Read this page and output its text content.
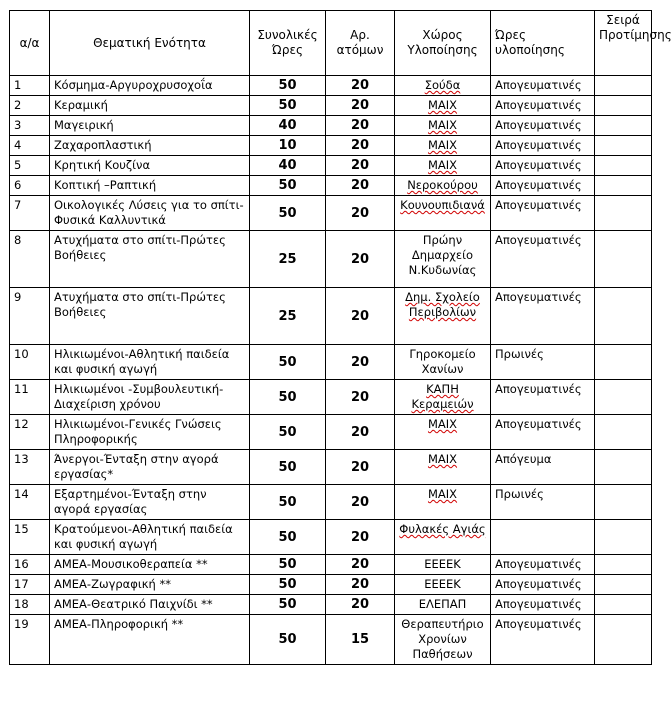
α/α	Θεματική Ενότητα	Συνολικές Ώρες	Αρ. ατόμων	Χώρος Υλοποίησης	Ώρες υλοποίησης	Σειρά Προτίμησης
1	Κόσμημα-Αργυροχρυσοχοΐα	50	20	Σούδα	Απογευματινές	
2	Κεραμική	50	20	ΜΑΙΧ	Απογευματινές	
3	Μαγειρική	40	20	ΜΑΙΧ	Απογευματινές	
4	Ζαχαροπλαστική	10	20	ΜΑΙΧ	Απογευματινές	
5	Κρητική Κουζίνα	40	20	ΜΑΙΧ	Απογευματινές	
6	Κοπτική –Ραπτική	50	20	Νεροκούρου	Απογευματινές	
7	Οικολογικές Λύσεις για το σπίτι- Φυσικά Καλλυντικά	50	20	Κουνουπιδιανά	Απογευματινές	
8	Ατυχήματα στο σπίτι-Πρώτες Βοήθειες	25	20	Πρώην Δημαρχείο Ν.Κυδωνίας	Απογευματινές	
9	Ατυχήματα στο σπίτι-Πρώτες Βοήθειες	25	20	Δημ. Σχολείο Περιβολίων	Απογευματινές	
10	Ηλικιωμένοι-Αθλητική παιδεία και φυσική αγωγή	50	20	Γηροκομείο Χανίων	Πρωινές	
11	Ηλικιωμένοι -Συμβουλευτική-Διαχείριση χρόνου	50	20	ΚΑΠΗ Κεραμειών	Απογευματινές	
12	Ηλικιωμένοι-Γενικές Γνώσεις Πληροφορικής	50	20	ΜΑΙΧ	Απογευματινές	
13	Άνεργοι-Ένταξη στην αγορά εργασίας*	50	20	ΜΑΙΧ	Απόγευμα	
14	Εξαρτημένοι-Ένταξη στην αγορά εργασίας	50	20	ΜΑΙΧ	Πρωινές	
15	Κρατούμενοι-Αθλητική παιδεία και φυσική αγωγή	50	20	Φυλακές Αγιάς		
16	ΑΜΕΑ-Μουσικοθεραπεία **	50	20	ΕΕΕΕΚ	Απογευματινές	
17	ΑΜΕΑ-Ζωγραφική **	50	20	ΕΕΕΕΚ	Απογευματινές	
18	ΑΜΕΑ-Θεατρικό Παιχνίδι **	50	20	ΕΛΕΠΑΠ	Απογευματινές	
19	ΑΜΕΑ-Πληροφορική **	50	15	Θεραπευτήριο Χρονίων Παθήσεων	Απογευματινές	
